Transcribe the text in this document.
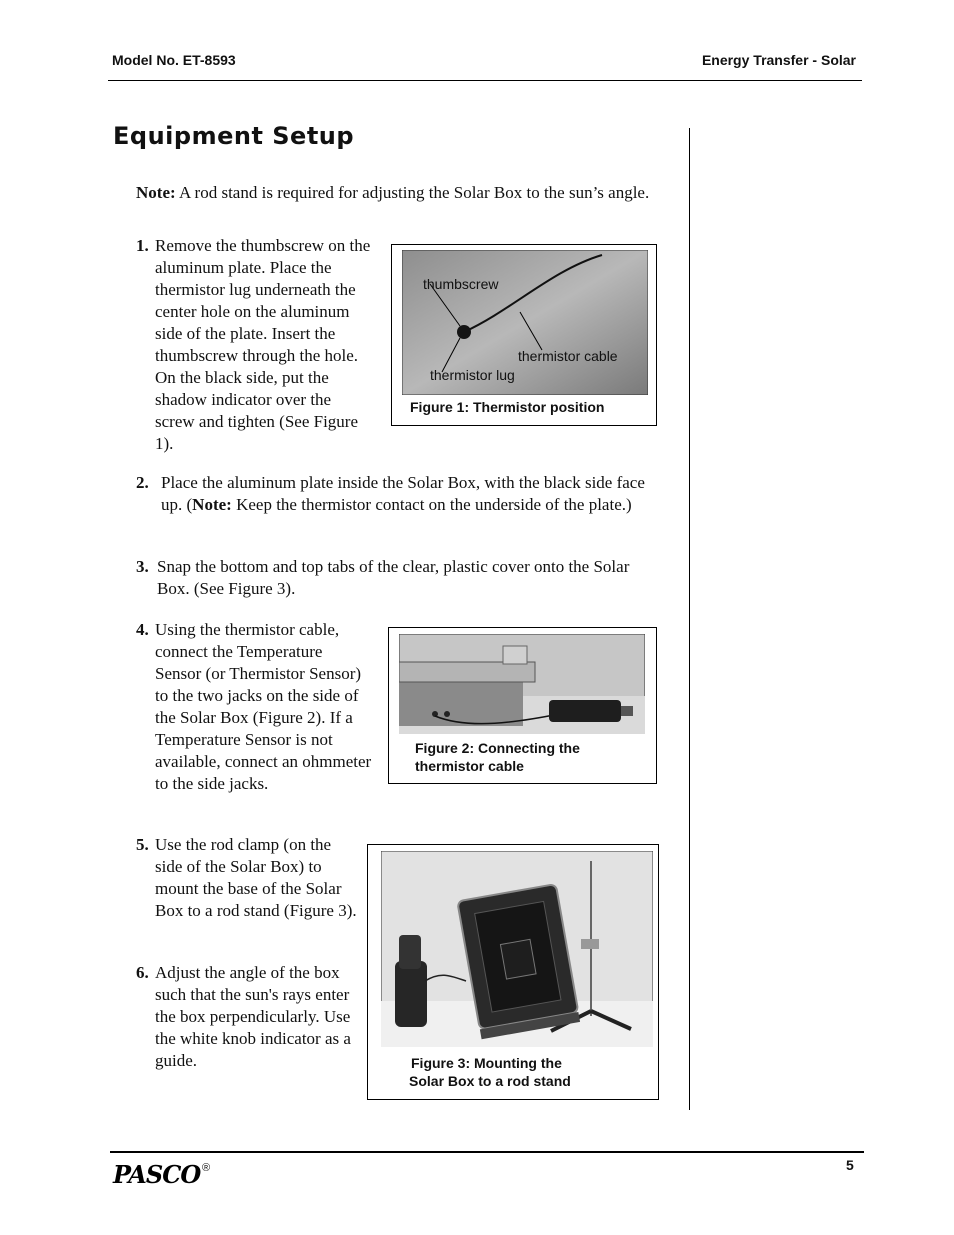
Model No. ET-8593	Energy Transfer - Solar
Equipment Setup
Note: A rod stand is required for adjusting the Solar Box to the sun’s angle.
1. Remove the thumbscrew on the aluminum plate. Place the thermistor lug underneath the center hole on the aluminum side of the plate. Insert the thumbscrew through the hole. On the black side, put the shadow indicator over the screw and tighten (See Figure 1).
thumbscrew
thermistor cable
thermistor lug
Figure 1: Thermistor position
2. Place the aluminum plate inside the Solar Box, with the black side face up. (Note: Keep the thermistor contact on the underside of the plate.)
3. Snap the bottom and top tabs of the clear, plastic cover onto the Solar Box. (See Figure 3).
4. Using the thermistor cable, connect the Temperature Sensor (or Thermistor Sensor) to the two jacks on the side of the Solar Box (Figure 2). If a Temperature Sensor is not available, connect an ohmmeter to the side jacks.
Figure 2: Connecting the
thermistor cable
5. Use the rod clamp (on the side of the Solar Box) to mount the base of the Solar Box to a rod stand (Figure 3).
6. Adjust the angle of the box such that the sun's rays enter the box perpendicularly. Use the white knob indicator as a guide.	Figure 3: Mounting the
Solar Box to a rod stand
PASCO ®	5
